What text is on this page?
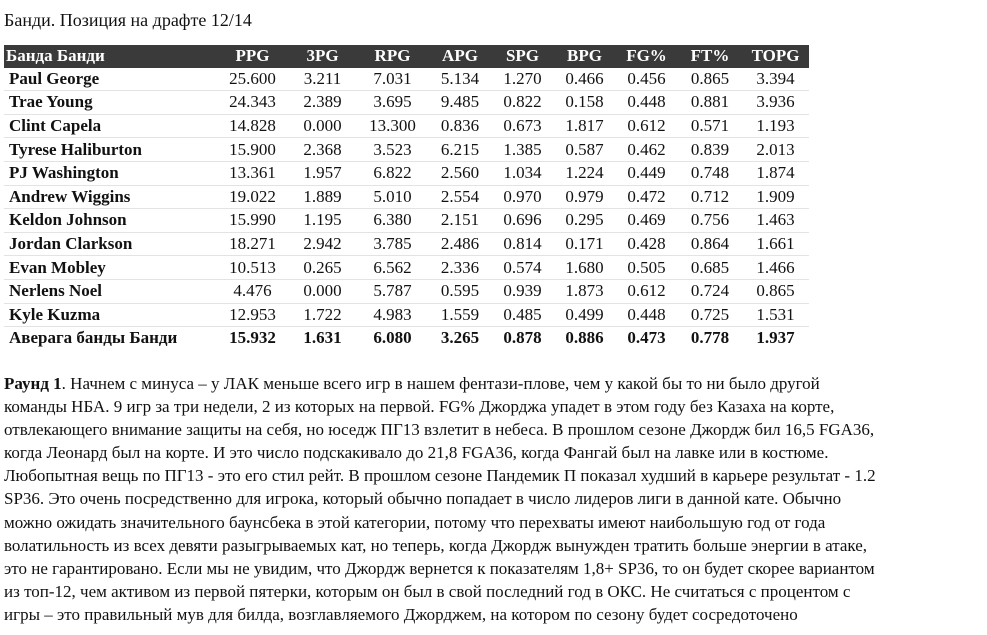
Банди. Позиция на драфте 12/14
Банда Банди	PPG	3PG	RPG	APG	SPG	BPG	FG%	FT%	TOPG
Paul George	25.600	3.211	7.031	5.134	1.270	0.466	0.456	0.865	3.394
Trae Young	24.343	2.389	3.695	9.485	0.822	0.158	0.448	0.881	3.936
Clint Capela	14.828	0.000	13.300	0.836	0.673	1.817	0.612	0.571	1.193
Tyrese Haliburton	15.900	2.368	3.523	6.215	1.385	0.587	0.462	0.839	2.013
PJ Washington	13.361	1.957	6.822	2.560	1.034	1.224	0.449	0.748	1.874
Andrew Wiggins	19.022	1.889	5.010	2.554	0.970	0.979	0.472	0.712	1.909
Keldon Johnson	15.990	1.195	6.380	2.151	0.696	0.295	0.469	0.756	1.463
Jordan Clarkson	18.271	2.942	3.785	2.486	0.814	0.171	0.428	0.864	1.661
Evan Mobley	10.513	0.265	6.562	2.336	0.574	1.680	0.505	0.685	1.466
Nerlens Noel	4.476	0.000	5.787	0.595	0.939	1.873	0.612	0.724	0.865
Kyle Kuzma	12.953	1.722	4.983	1.559	0.485	0.499	0.448	0.725	1.531
Аверага банды Банди	15.932	1.631	6.080	3.265	0.878	0.886	0.473	0.778	1.937
Раунд 1. Начнем с минуса – у ЛАК меньше всего игр в нашем фентази-плове, чем у какой бы то ни было другой
команды НБА. 9 игр за три недели, 2 из которых на первой. FG% Джорджа упадет в этом году без Казаха на корте,
отвлекающего внимание защиты на себя, но юседж ПГ13 взлетит в небеса. В прошлом сезоне Джордж бил 16,5 FGA36,
когда Леонард был на корте. И это число подскакивало до 21,8 FGA36, когда Фангай был на лавке или в костюме.
Любопытная вещь по ПГ13 - это его стил рейт. В прошлом сезоне Пандемик П показал худший в карьере результат - 1.2
SP36. Это очень посредственно для игрока, который обычно попадает в число лидеров лиги в данной кате. Обычно
можно ожидать значительного баунсбека в этой категории, потому что перехваты имеют наибольшую год от года
волатильность из всех девяти разыгрываемых кат, но теперь, когда Джордж вынужден тратить больше энергии в атаке,
это не гарантировано. Если мы не увидим, что Джордж вернется к показателям 1,8+ SP36, то он будет скорее вариантом
из топ-12, чем активом из первой пятерки, которым он был в свой последний год в ОКС. Не считаться с процентом с
игры – это правильный мув для билда, возглавляемого Джорджем, на котором по сезону будет сосредоточено
